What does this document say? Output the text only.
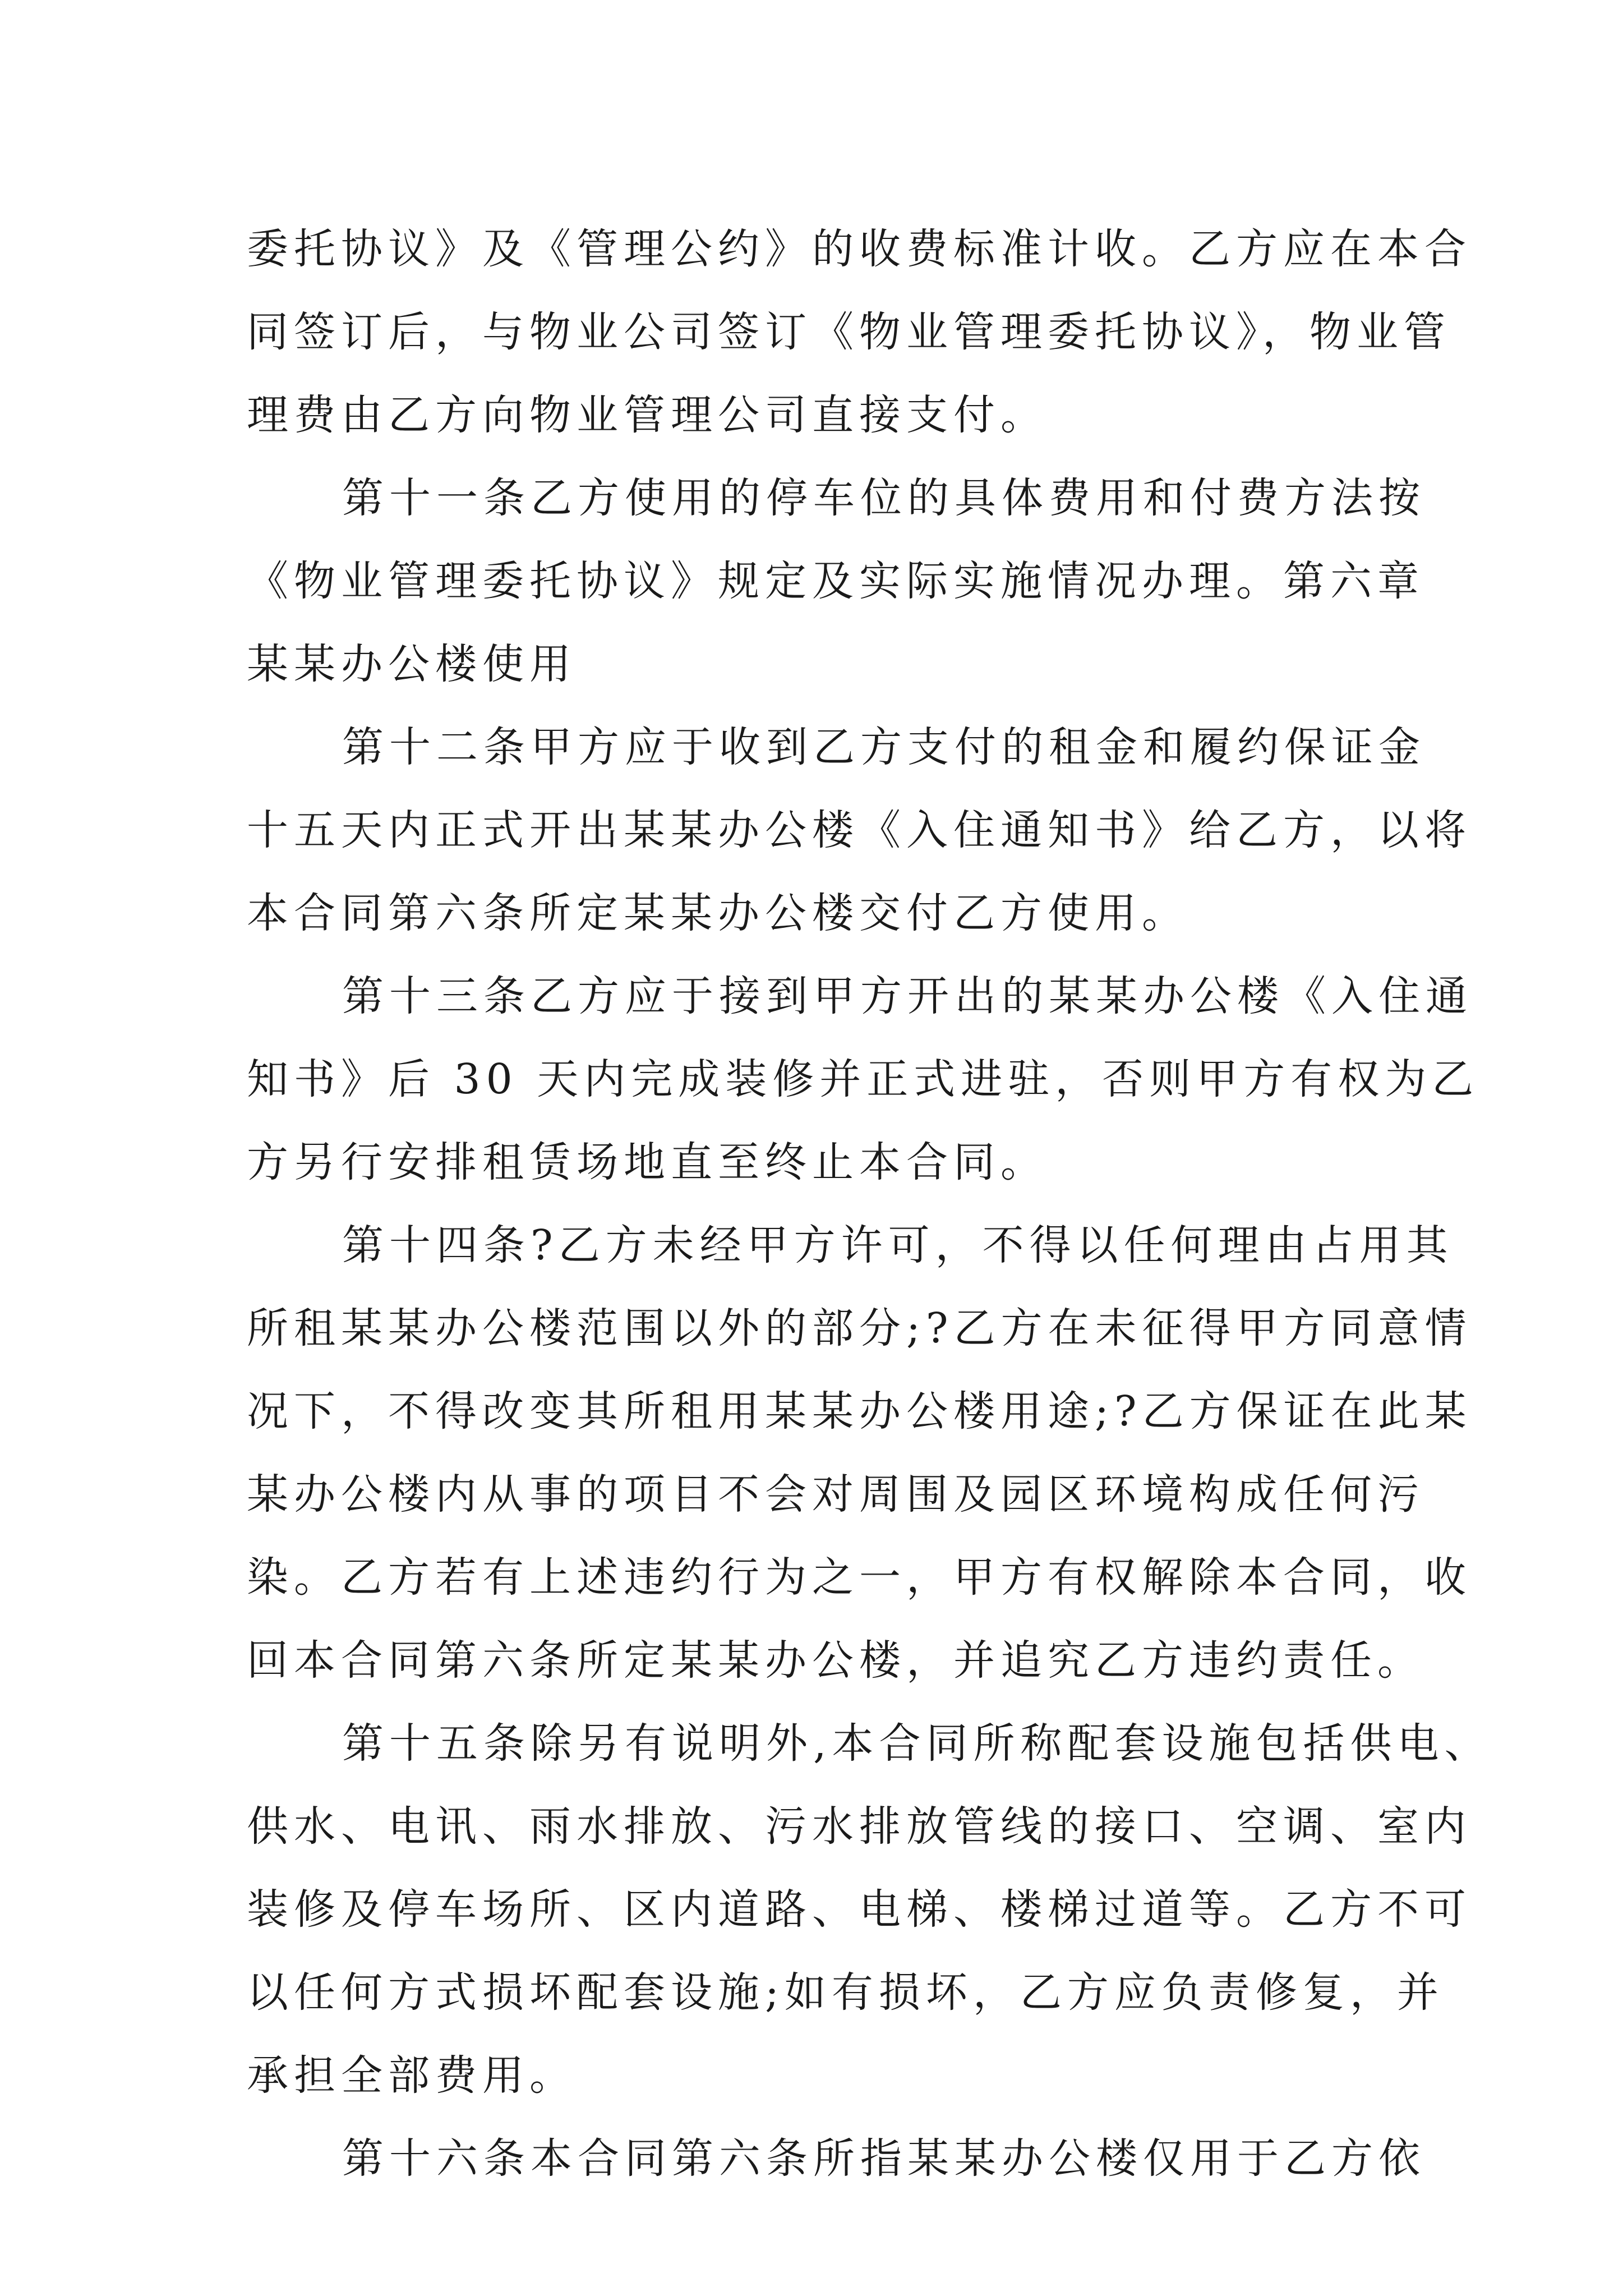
委托协议》及《管理公约》的收费标准计收。乙方应在本合
同签订后，与物业公司签订《物业管理委托协议》，物业管
理费由乙方向物业管理公司直接支付。
第十一条乙方使用的停车位的具体费用和付费方法按
《物业管理委托协议》规定及实际实施情况办理。第六章
某某办公楼使用
第十二条甲方应于收到乙方支付的租金和履约保证金
十五天内正式开出某某办公楼《入住通知书》给乙方，以将
本合同第六条所定某某办公楼交付乙方使用。
第十三条乙方应于接到甲方开出的某某办公楼《入住通
知书》后 30 天内完成装修并正式进驻，否则甲方有权为乙
方另行安排租赁场地直至终止本合同。
第十四条?乙方未经甲方许可，不得以任何理由占用其
所租某某办公楼范围以外的部分;?乙方在未征得甲方同意情
况下，不得改变其所租用某某办公楼用途;?乙方保证在此某
某办公楼内从事的项目不会对周围及园区环境构成任何污
染。乙方若有上述违约行为之一，甲方有权解除本合同，收
回本合同第六条所定某某办公楼，并追究乙方违约责任。
第十五条除另有说明外,本合同所称配套设施包括供电、
供水、电讯、雨水排放、污水排放管线的接口、空调、室内
装修及停车场所、区内道路、电梯、楼梯过道等。乙方不可
以任何方式损坏配套设施;如有损坏，乙方应负责修复，并
承担全部费用。
第十六条本合同第六条所指某某办公楼仅用于乙方依
